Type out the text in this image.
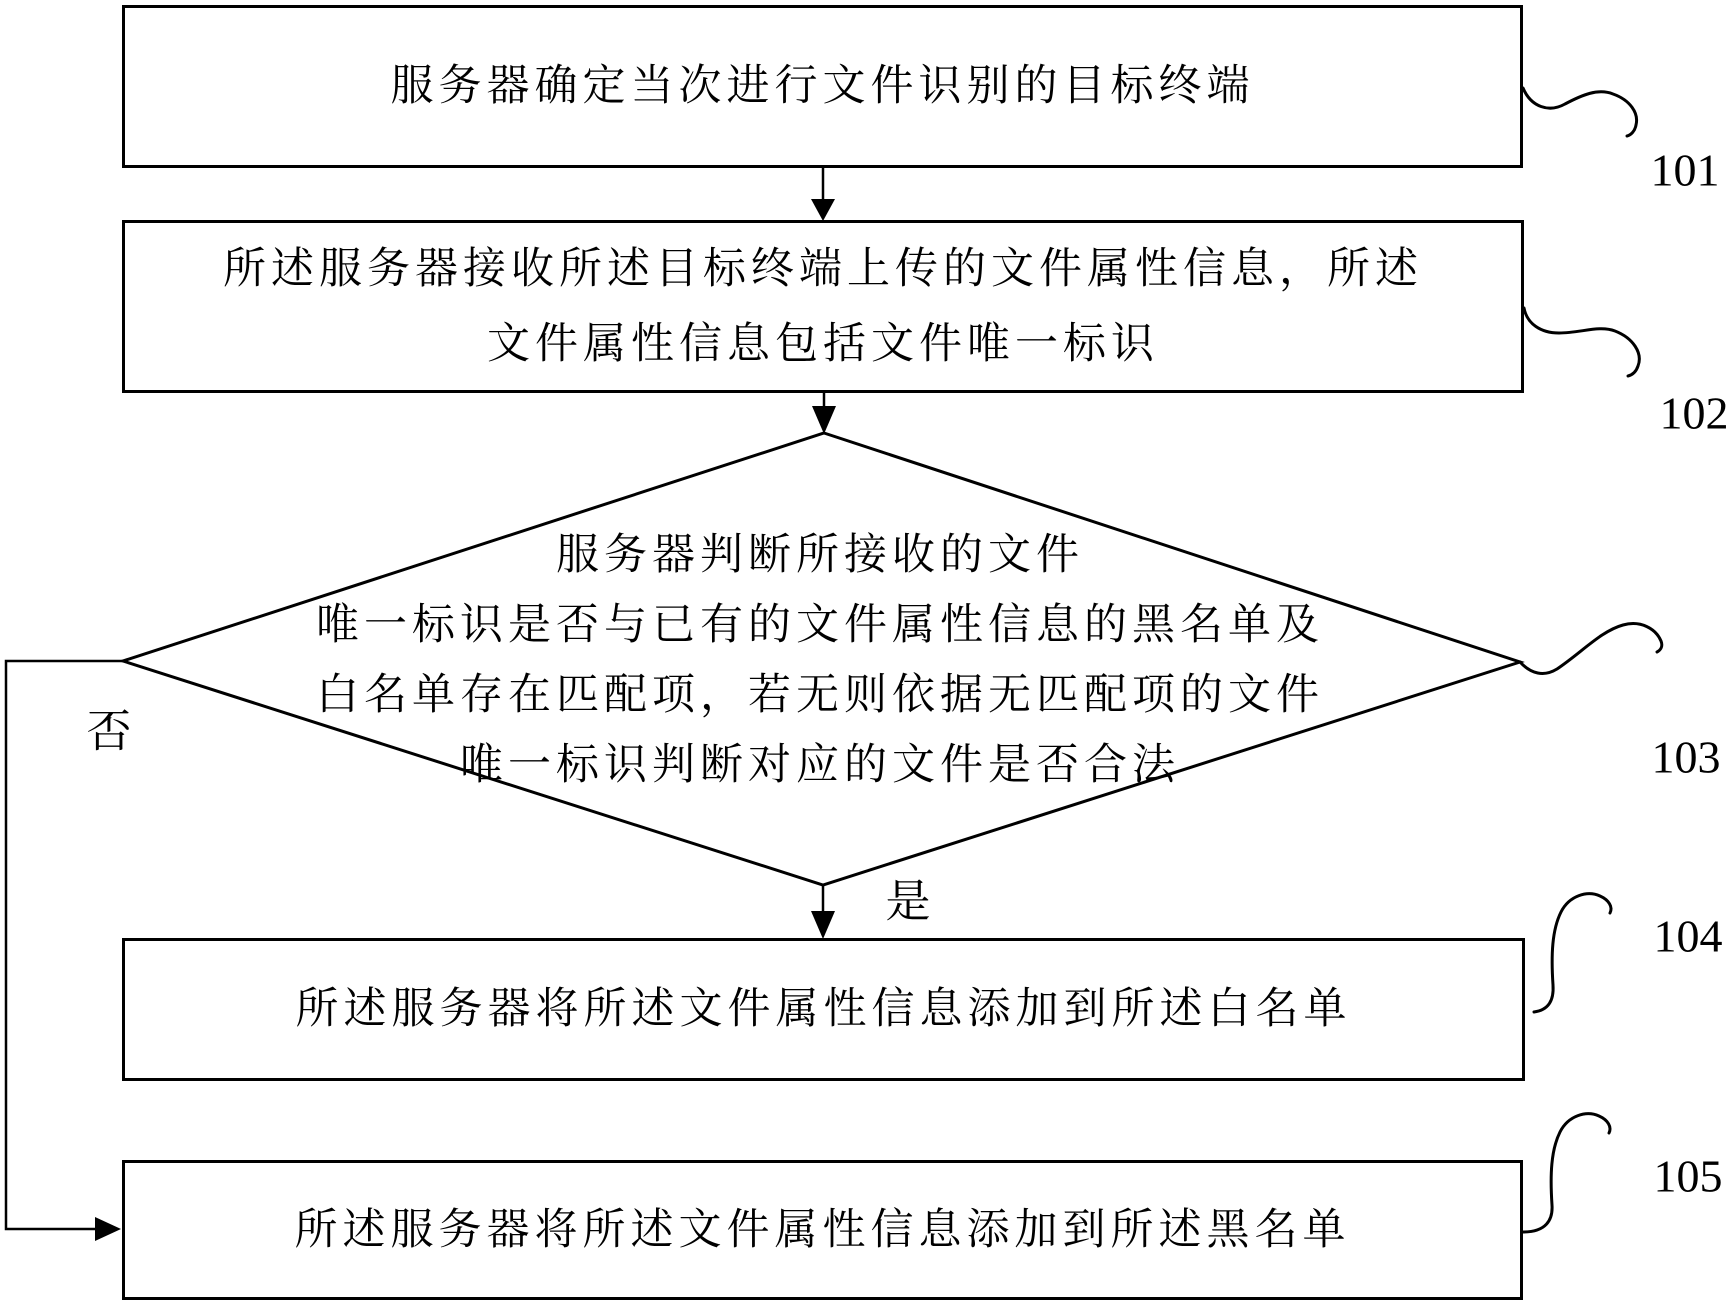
服务器确定当次进行文件识别的目标终端
所述服务器接收所述目标终端上传的文件属性信息，所述
文件属性信息包括文件唯一标识
服务器判断所接收的文件
唯一标识是否与已有的文件属性信息的黑名单及
白名单存在匹配项，若无则依据无匹配项的文件
唯一标识判断对应的文件是否合法
所述服务器将所述文件属性信息添加到所述白名单
所述服务器将所述文件属性信息添加到所述黑名单
否
是
101
102
103
104
105
